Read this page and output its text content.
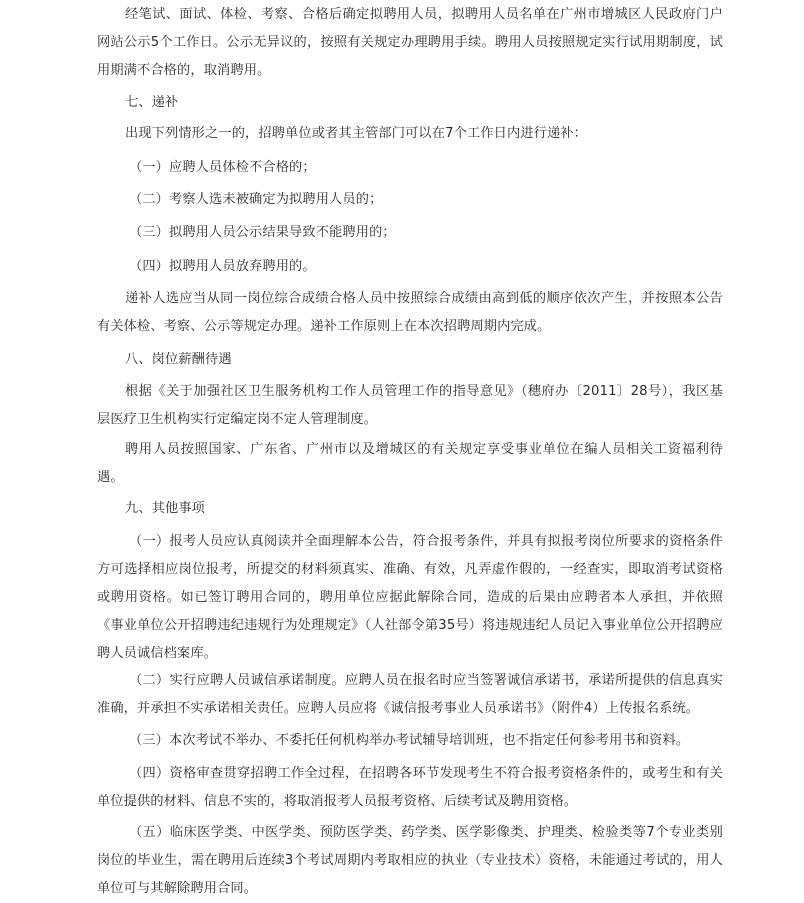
经笔试、面试、体检、考察、合格后确定拟聘用人员，拟聘用人员名单在广州市增城区人民政府门户网站公示5个工作日。公示无异议的，按照有关规定办理聘用手续。聘用人员按照规定实行试用期制度，试用期满不合格的，取消聘用。

七、递补

出现下列情形之一的，招聘单位或者其主管部门可以在7个工作日内进行递补：

（一）应聘人员体检不合格的；

（二）考察人选未被确定为拟聘用人员的；

（三）拟聘用人员公示结果导致不能聘用的；

（四）拟聘用人员放弃聘用的。

递补人选应当从同一岗位综合成绩合格人员中按照综合成绩由高到低的顺序依次产生，并按照本公告有关体检、考察、公示等规定办理。递补工作原则上在本次招聘周期内完成。

八、岗位薪酬待遇

根据《关于加强社区卫生服务机构工作人员管理工作的指导意见》（穗府办〔2011〕28号），我区基层医疗卫生机构实行定编定岗不定人管理制度。

聘用人员按照国家、广东省、广州市以及增城区的有关规定享受事业单位在编人员相关工资福利待遇。

九、其他事项

（一）报考人员应认真阅读并全面理解本公告，符合报考条件，并具有拟报考岗位所要求的资格条件方可选择相应岗位报考，所提交的材料须真实、准确、有效，凡弄虚作假的，一经查实，即取消考试资格或聘用资格。如已签订聘用合同的，聘用单位应据此解除合同，造成的后果由应聘者本人承担，并依照《事业单位公开招聘违纪违规行为处理规定》（人社部令第35号）将违规违纪人员记入事业单位公开招聘应聘人员诚信档案库。

（二）实行应聘人员诚信承诺制度。应聘人员在报名时应当签署诚信承诺书，承诺所提供的信息真实准确，并承担不实承诺相关责任。应聘人员应将《诚信报考事业人员承诺书》（附件4）上传报名系统。

（三）本次考试不举办、不委托任何机构举办考试辅导培训班，也不指定任何参考用书和资料。

（四）资格审查贯穿招聘工作全过程，在招聘各环节发现考生不符合报考资格条件的，或考生和有关单位提供的材料、信息不实的，将取消报考人员报考资格、后续考试及聘用资格。

（五）临床医学类、中医学类、预防医学类、药学类、医学影像类、护理类、检验类等7个专业类别岗位的毕业生，需在聘用后连续3个考试周期内考取相应的执业（专业技术）资格，未能通过考试的，用人单位可与其解除聘用合同。
